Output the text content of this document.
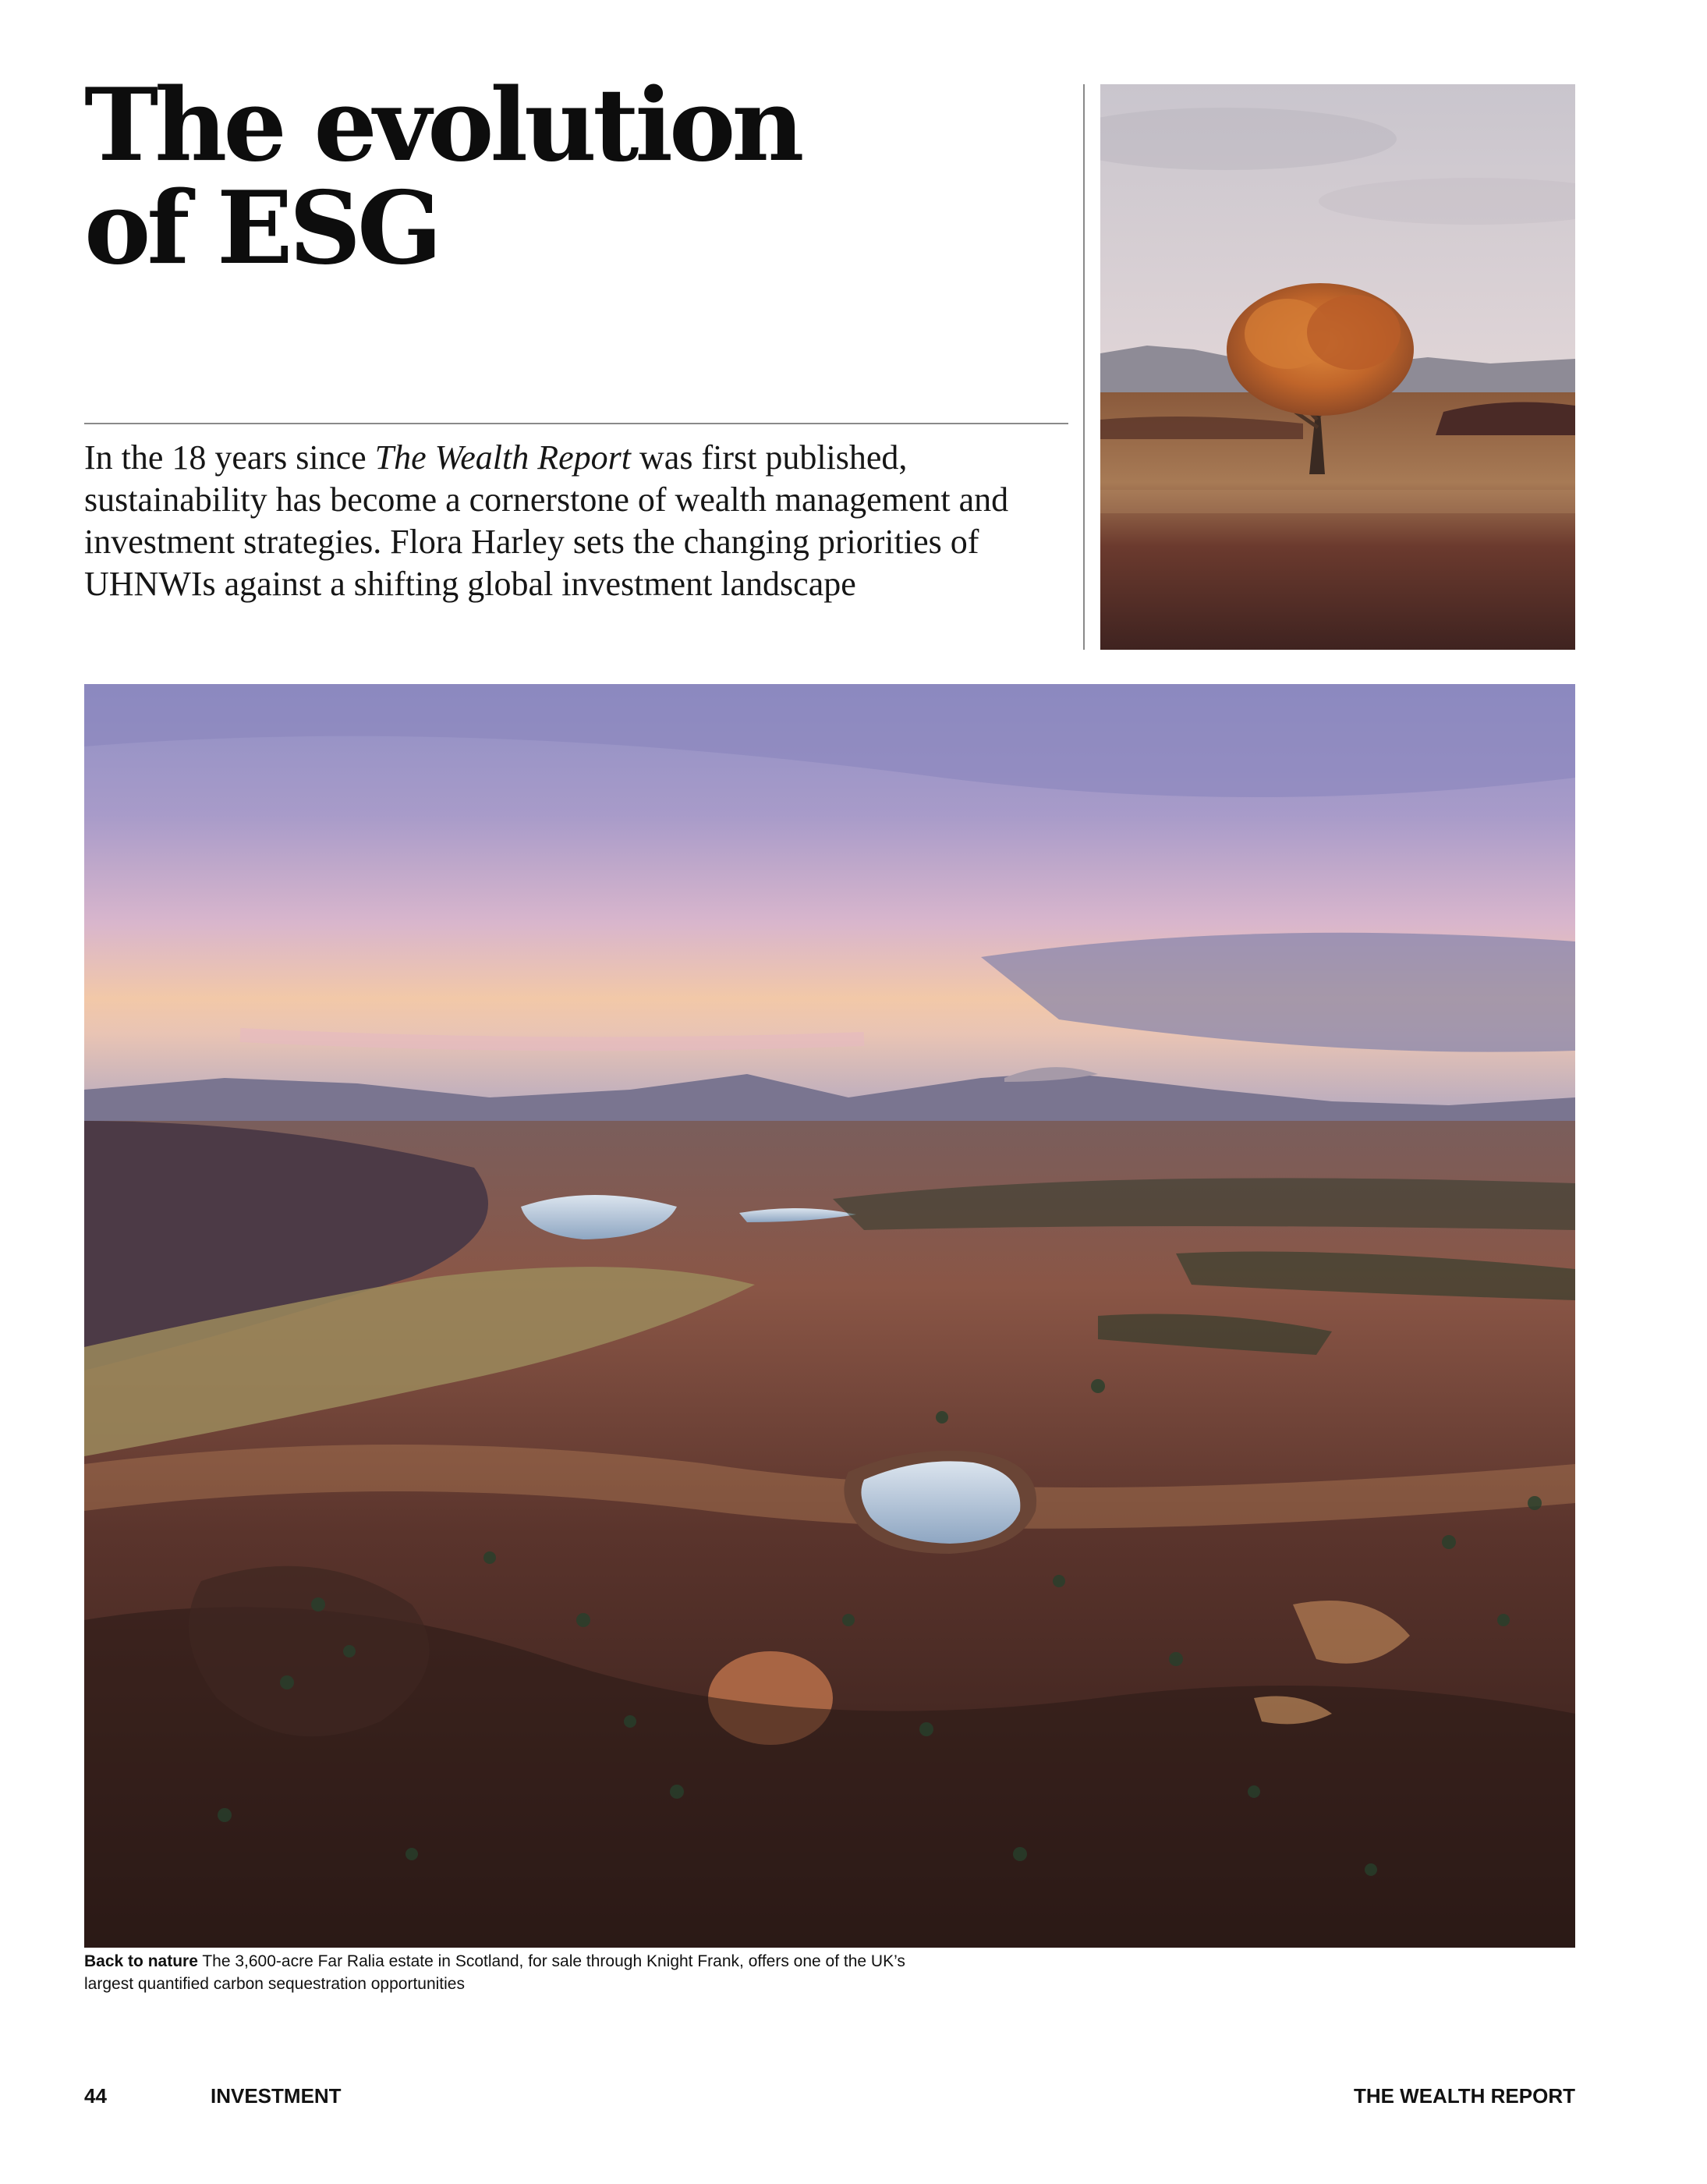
The evolution
of ESG

In the 18 years since The Wealth Report was first published, sustainability has become a cornerstone of wealth management and investment strategies. Flora Harley sets the changing priorities of UHNWIs against a shifting global investment landscape

Back to nature The 3,600-acre Far Ralia estate in Scotland, for sale through Knight Frank, offers one of the UK’s largest quantified carbon sequestration opportunities

44	INVESTMENT	THE WEALTH REPORT
